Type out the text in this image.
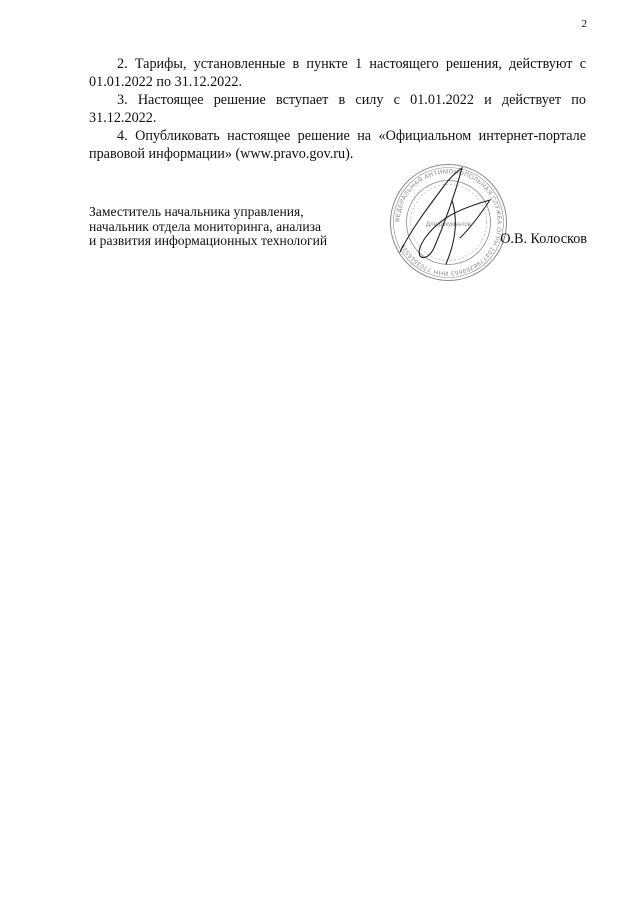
2

2. Тарифы, установленные в пункте 1 настоящего решения, действуют с 01.01.2022 по 31.12.2022.

3. Настоящее решение вступает в силу с 01.01.2022 и действует по 31.12.2022.

4. Опубликовать настоящее решение на «Официальном интернет-портале правовой информации» (www.pravo.gov.ru).

Заместитель начальника управления,
начальник отдела мониторинга, анализа
и развития информационных технологий
ФЕДЕРАЛЬНАЯ АНТИМОНОПОЛЬНАЯ СЛУЖБА ОГРН 1047796269663 ИНН 7703516539
Для документов
О.В. Колосков
